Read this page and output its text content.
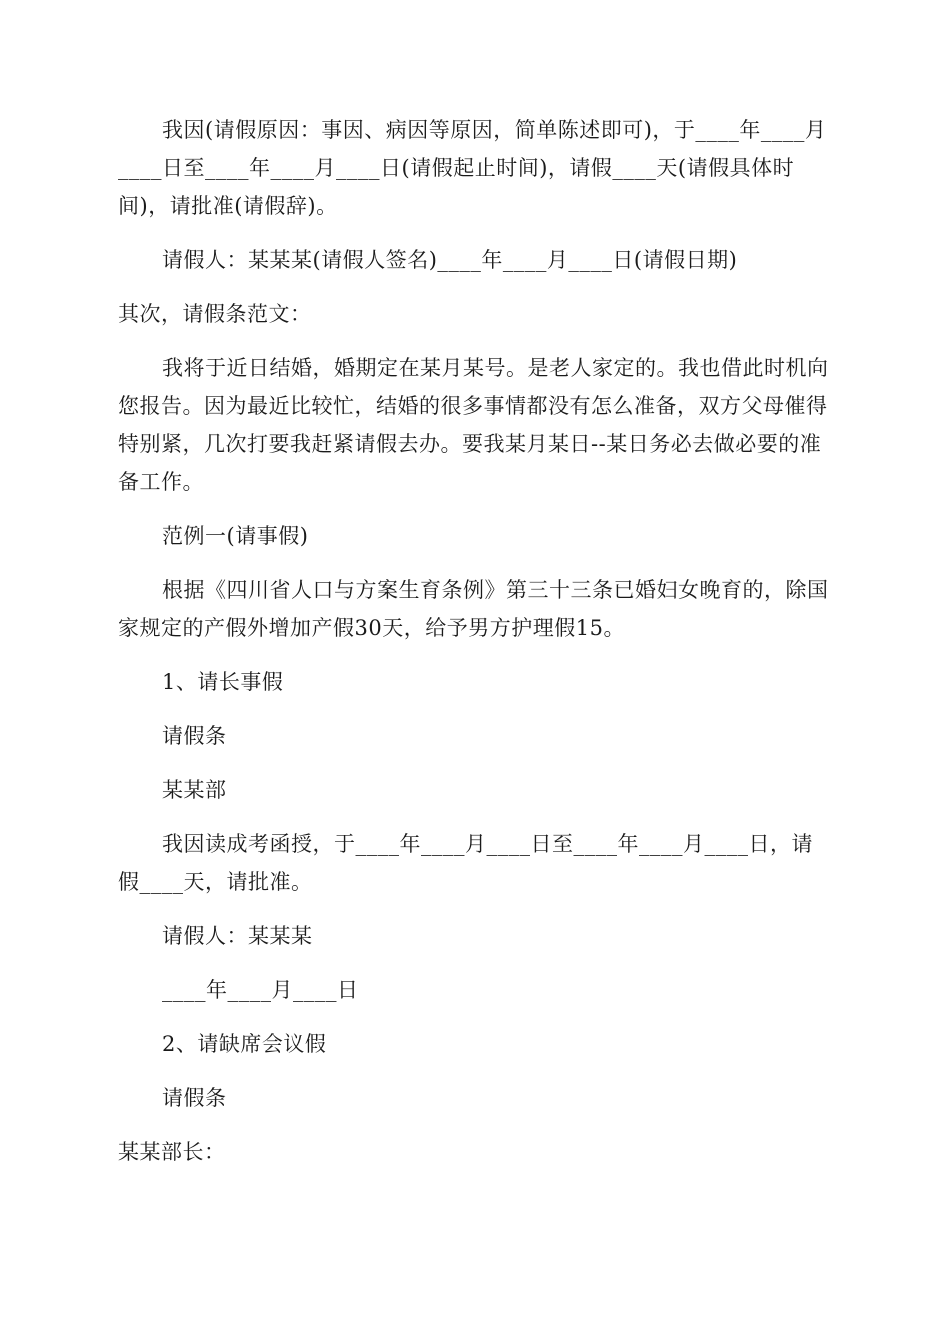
我因(请假原因：事因、病因等原因，简单陈述即可)，于____年____月____日至____年____月____日(请假起止时间)，请假____天(请假具体时间)，请批准(请假辞)。

请假人：某某某(请假人签名)____年____月____日(请假日期)

其次，请假条范文：

我将于近日结婚，婚期定在某月某号。是老人家定的。我也借此时机向您报告。因为最近比较忙，结婚的很多事情都没有怎么准备，双方父母催得特别紧，几次打要我赶紧请假去办。要我某月某日--某日务必去做必要的准备工作。

范例一(请事假)

根据《四川省人口与方案生育条例》第三十三条已婚妇女晚育的，除国家规定的产假外增加产假30天，给予男方护理假15。

1、请长事假

请假条

某某部

我因读成考函授，于____年____月____日至____年____月____日，请假____天，请批准。

请假人：某某某

____年____月____日

2、请缺席会议假

请假条

某某部长：
